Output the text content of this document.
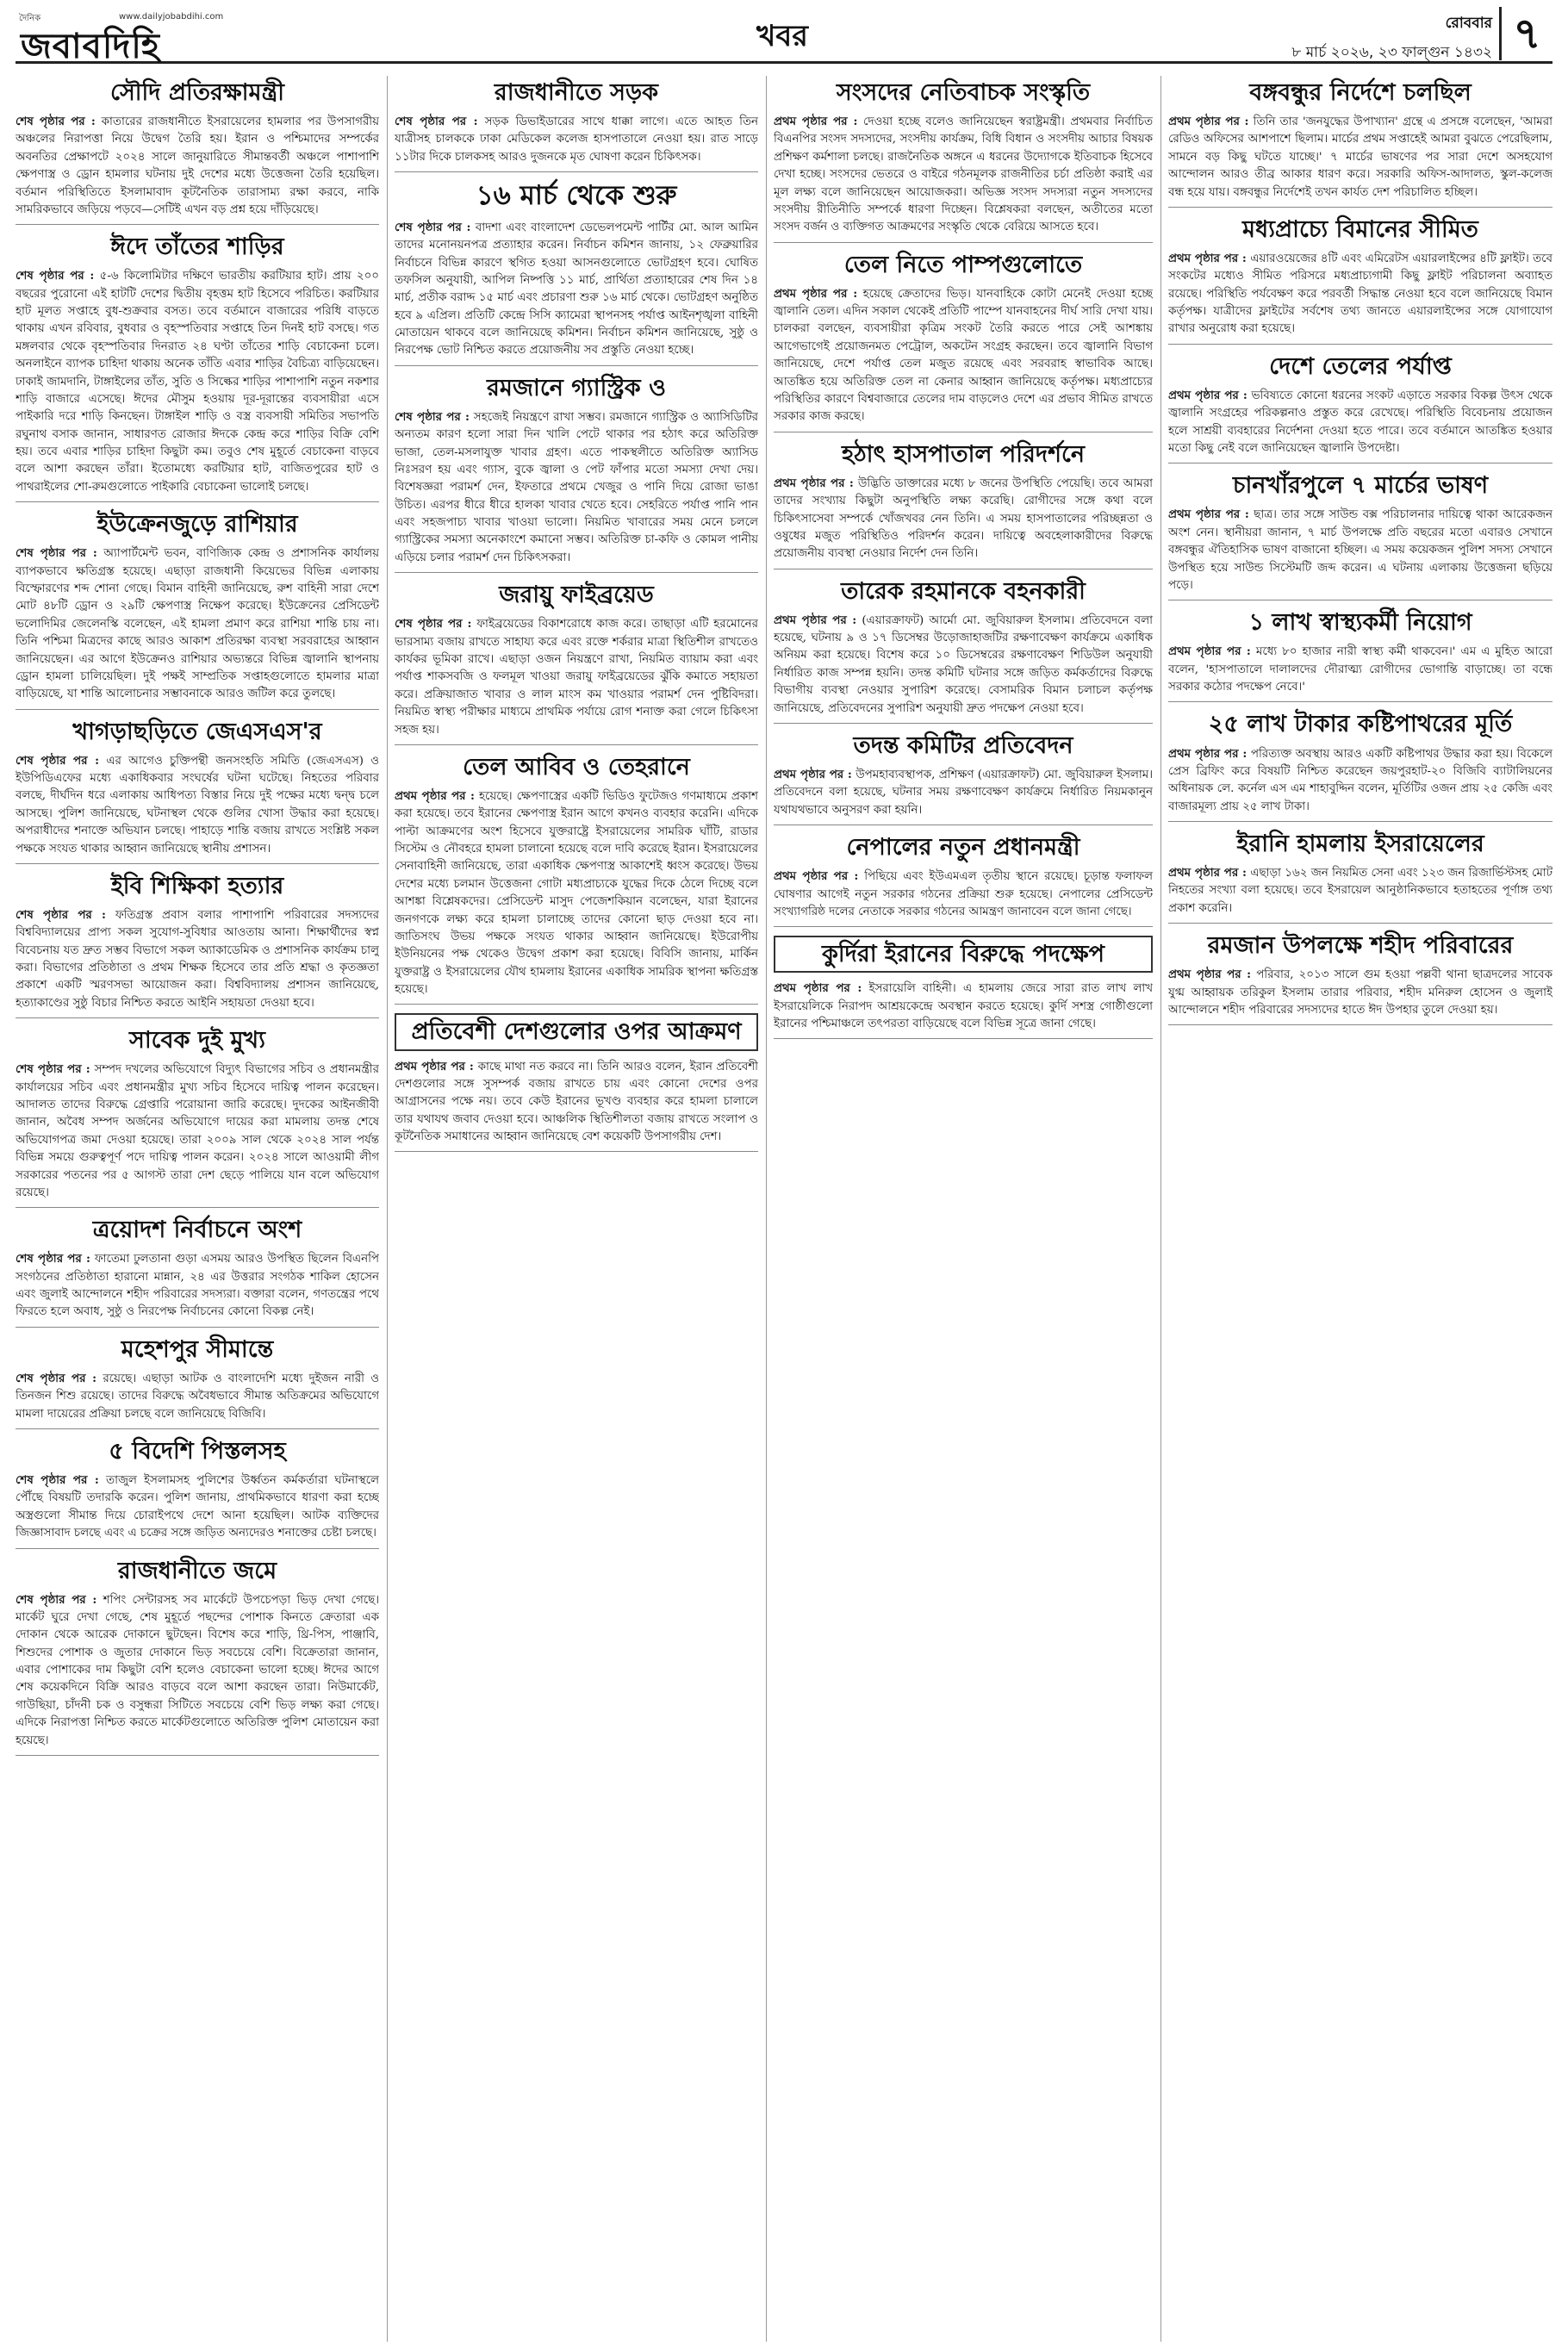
দৈনিক	www.dailyjobabdihi.com
জবাবদিহি	খবর	রোববার
৮ মার্চ ২০২৬, ২৩ ফাল্গুন ১৪৩২ ৭
সৌদি প্রতিরক্ষামন্ত্রী

শেষ পৃষ্ঠার পর : কাতারের রাজধানীতে ইসরায়েলের হামলার পর উপসাগরীয় অঞ্চলের নিরাপত্তা নিয়ে উদ্বেগ তৈরি হয়। ইরান ও পশ্চিমাদের সম্পর্কের অবনতির প্রেক্ষাপটে ২০২৪ সালে জানুয়ারিতে সীমান্তবর্তী অঞ্চলে পাশাপাশি ক্ষেপণাস্ত্র ও ড্রোন হামলার ঘটনায় দুই দেশের মধ্যে উত্তেজনা তৈরি হয়েছিল। বর্তমান পরিস্থিতিতে ইসলামাবাদ কূটনৈতিক তারাসাম্য রক্ষা করবে, নাকি সামরিকভাবে জড়িয়ে পড়বে—সেটিই এখন বড় প্রশ্ন হয়ে দাঁড়িয়েছে।

ঈদে তাঁতের শাড়ির

শেষ পৃষ্ঠার পর : ৫-৬ কিলোমিটার দক্ষিণে ভারতীয় করটিয়ার হাট। প্রায় ২০০ বছরের পুরোনো এই হাটটি দেশের দ্বিতীয় বৃহত্তম হাট হিসেবে পরিচিত। করটিয়ার হাট মূলত সপ্তাহে বুধ-শুক্রবার বসত। তবে বর্তমানে বাজারের পরিধি বাড়তে থাকায় এখন রবিবার, বুধবার ও বৃহস্পতিবার সপ্তাহে তিন দিনই হাট বসছে। গত মঙ্গলবার থেকে বৃহস্পতিবার দিনরাত ২৪ ঘণ্টা তাঁতের শাড়ি বেচাকেনা চলে। অনলাইনে ব্যাপক চাহিদা থাকায় অনেক তাঁতি এবার শাড়ির বৈচিত্র্য বাড়িয়েছেন। ঢাকাই জামদানি, টাঙ্গাইলের তাঁত, সুতি ও সিল্কের শাড়ির পাশাপাশি নতুন নকশার শাড়ি বাজারে এসেছে। ঈদের মৌসুম হওয়ায় দূর-দূরান্তের ব্যবসায়ীরা এসে পাইকারি দরে শাড়ি কিনছেন। টাঙ্গাইল শাড়ি ও বস্ত্র ব্যবসায়ী সমিতির সভাপতি রঘুনাথ বসাক জানান, সাধারণত রোজার ঈদকে কেন্দ্র করে শাড়ির বিক্রি বেশি হয়। তবে এবার শাড়ির চাহিদা কিছুটা কম। তবুও শেষ মুহূর্তে বেচাকেনা বাড়বে বলে আশা করছেন তাঁরা। ইতোমধ্যে করটিয়ার হাট, বাজিতপুরের হাট ও পাথরাইলের শো-রুমগুলোতে পাইকারি বেচাকেনা ভালোই চলছে।

ইউক্রেনজুড়ে রাশিয়ার

শেষ পৃষ্ঠার পর : অ্যাপার্টমেন্ট ভবন, বাণিজ্যিক কেন্দ্র ও প্রশাসনিক কার্যালয় ব্যাপকভাবে ক্ষতিগ্রস্ত হয়েছে। এছাড়া রাজধানী কিয়েভের বিভিন্ন এলাকায় বিস্ফোরণের শব্দ শোনা গেছে। বিমান বাহিনী জানিয়েছে, রুশ বাহিনী সারা দেশে মোট ৪৮টি ড্রোন ও ২৯টি ক্ষেপণাস্ত্র নিক্ষেপ করেছে। ইউক্রেনের প্রেসিডেন্ট ভলোদিমির জেলেনস্কি বলেছেন, এই হামলা প্রমাণ করে রাশিয়া শান্তি চায় না। তিনি পশ্চিমা মিত্রদের কাছে আরও আকাশ প্রতিরক্ষা ব্যবস্থা সরবরাহের আহ্বান জানিয়েছেন। এর আগে ইউক্রেনও রাশিয়ার অভ্যন্তরে বিভিন্ন জ্বালানি স্থাপনায় ড্রোন হামলা চালিয়েছিল। দুই পক্ষই সাম্প্রতিক সপ্তাহগুলোতে হামলার মাত্রা বাড়িয়েছে, যা শান্তি আলোচনার সম্ভাবনাকে আরও জটিল করে তুলছে।

খাগড়াছড়িতে জেএসএস'র

শেষ পৃষ্ঠার পর : এর আগেও চুক্তিপন্থী জনসংহতি সমিতি (জেএসএস) ও ইউপিডিএফের মধ্যে একাধিকবার সংঘর্ষের ঘটনা ঘটেছে। নিহতের পরিবার বলছে, দীর্ঘদিন ধরে এলাকায় আধিপত্য বিস্তার নিয়ে দুই পক্ষের মধ্যে দ্বন্দ্ব চলে আসছে। পুলিশ জানিয়েছে, ঘটনাস্থল থেকে গুলির খোসা উদ্ধার করা হয়েছে। অপরাধীদের শনাক্তে অভিযান চলছে। পাহাড়ে শান্তি বজায় রাখতে সংশ্লিষ্ট সকল পক্ষকে সংযত থাকার আহ্বান জানিয়েছে স্থানীয় প্রশাসন।

ইবি শিক্ষিকা হত্যার

শেষ পৃষ্ঠার পর : ফতিগ্রস্ত প্রবাস বলার পাশাপাশি পরিবারের সদস্যদের বিশ্ববিদ্যালয়ের প্রাপ্য সকল সুযোগ-সুবিধার আওতায় আনা। শিক্ষার্থীদের স্বপ্ন বিবেচনায় যত দ্রুত সম্ভব বিভাগে সকল অ্যাকাডেমিক ও প্রশাসনিক কার্যক্রম চালু করা। বিভাগের প্রতিষ্ঠাতা ও প্রথম শিক্ষক হিসেবে তার প্রতি শ্রদ্ধা ও কৃতজ্ঞতা প্রকাশে একটি স্মরণসভা আয়োজন করা। বিশ্ববিদ্যালয় প্রশাসন জানিয়েছে, হত্যাকাণ্ডের সুষ্ঠু বিচার নিশ্চিত করতে আইনি সহায়তা দেওয়া হবে।

সাবেক দুই মুখ্য

শেষ পৃষ্ঠার পর : সম্পদ দখলের অভিযোগে বিদ্যুৎ বিভাগের সচিব ও প্রধানমন্ত্রীর কার্যালয়ের সচিব এবং প্রধানমন্ত্রীর মুখ্য সচিব হিসেবে দায়িত্ব পালন করেছেন। আদালত তাদের বিরুদ্ধে গ্রেপ্তারি পরোয়ানা জারি করেছে। দুদকের আইনজীবী জানান, অবৈধ সম্পদ অর্জনের অভিযোগে দায়ের করা মামলায় তদন্ত শেষে অভিযোগপত্র জমা দেওয়া হয়েছে। তারা ২০০৯ সাল থেকে ২০২৪ সাল পর্যন্ত বিভিন্ন সময়ে গুরুত্বপূর্ণ পদে দায়িত্ব পালন করেন। ২০২৪ সালে আওয়ামী লীগ সরকারের পতনের পর ৫ আগস্ট তারা দেশ ছেড়ে পালিয়ে যান বলে অভিযোগ রয়েছে।

ত্রয়োদশ নির্বাচনে অংশ

শেষ পৃষ্ঠার পর : ফাতেমা ঢুলতানা গুড়া এসময় আরও উপস্থিত ছিলেন বিএনপি সংগঠনের প্রতিষ্ঠাতা হারানো মান্নান, ২৪ এর উত্তরার সংগঠক শাকিল হোসেন এবং জুলাই আন্দোলনে শহীদ পরিবারের সদস্যরা। বক্তারা বলেন, গণতন্ত্রের পথে ফিরতে হলে অবাধ, সুষ্ঠু ও নিরপেক্ষ নির্বাচনের কোনো বিকল্প নেই।

মহেশপুর সীমান্তে

শেষ পৃষ্ঠার পর : রয়েছে। এছাড়া আটক ও বাংলাদেশি মধ্যে দুইজন নারী ও তিনজন শিশু রয়েছে। তাদের বিরুদ্ধে অবৈধভাবে সীমান্ত অতিক্রমের অভিযোগে মামলা দায়েরের প্রক্রিয়া চলছে বলে জানিয়েছে বিজিবি।

৫ বিদেশি পিস্তলসহ

শেষ পৃষ্ঠার পর : তাজুল ইসলামসহ পুলিশের উর্ধ্বতন কর্মকর্তারা ঘটনাস্থলে পৌঁছে বিষয়টি তদারকি করেন। পুলিশ জানায়, প্রাথমিকভাবে ধারণা করা হচ্ছে অস্ত্রগুলো সীমান্ত দিয়ে চোরাইপথে দেশে আনা হয়েছিল। আটক ব্যক্তিদের জিজ্ঞাসাবাদ চলছে এবং এ চক্রের সঙ্গে জড়িত অন্যদেরও শনাক্তের চেষ্টা চলছে।

রাজধানীতে জমে

শেষ পৃষ্ঠার পর : শপিং সেন্টারসহ সব মার্কেটে উপচেপড়া ভিড় দেখা গেছে। মার্কেট ঘুরে দেখা গেছে, শেষ মুহূর্তে পছন্দের পোশাক কিনতে ক্রেতারা এক দোকান থেকে আরেক দোকানে ছুটছেন। বিশেষ করে শাড়ি, থ্রি-পিস, পাঞ্জাবি, শিশুদের পোশাক ও জুতার দোকানে ভিড় সবচেয়ে বেশি। বিক্রেতারা জানান, এবার পোশাকের দাম কিছুটা বেশি হলেও বেচাকেনা ভালো হচ্ছে। ঈদের আগে শেষ কয়েকদিনে বিক্রি আরও বাড়বে বলে আশা করছেন তারা। নিউমার্কেট, গাউছিয়া, চাঁদনী চক ও বসুন্ধরা সিটিতে সবচেয়ে বেশি ভিড় লক্ষ্য করা গেছে। এদিকে নিরাপত্তা নিশ্চিত করতে মার্কেটগুলোতে অতিরিক্ত পুলিশ মোতায়েন করা হয়েছে।

রাজধানীতে সড়ক

শেষ পৃষ্ঠার পর : সড়ক ডিভাইডারের সাথে ধাক্কা লাগে। এতে আহত তিন যাত্রীসহ চালককে ঢাকা মেডিকেল কলেজ হাসপাতালে নেওয়া হয়। রাত সাড়ে ১১টার দিকে চালকসহ আরও দুজনকে মৃত ঘোষণা করেন চিকিৎসক।

১৬ মার্চ থেকে শুরু

শেষ পৃষ্ঠার পর : বাদশা এবং বাংলাদেশ ডেভেলপমেন্ট পার্টির মো. আল আমিন তাদের মনোনয়নপত্র প্রত্যাহার করেন। নির্বাচন কমিশন জানায়, ১২ ফেব্রুয়ারির নির্বাচনে বিভিন্ন কারণে স্থগিত হওয়া আসনগুলোতে ভোটগ্রহণ হবে। ঘোষিত তফসিল অনুযায়ী, আপিল নিষ্পত্তি ১১ মার্চ, প্রার্থিতা প্রত্যাহারের শেষ দিন ১৪ মার্চ, প্রতীক বরাদ্দ ১৫ মার্চ এবং প্রচারণা শুরু ১৬ মার্চ থেকে। ভোটগ্রহণ অনুষ্ঠিত হবে ৯ এপ্রিল। প্রতিটি কেন্দ্রে সিসি ক্যামেরা স্থাপনসহ পর্যাপ্ত আইনশৃঙ্খলা বাহিনী মোতায়েন থাকবে বলে জানিয়েছে কমিশন। নির্বাচন কমিশন জানিয়েছে, সুষ্ঠু ও নিরপেক্ষ ভোট নিশ্চিত করতে প্রয়োজনীয় সব প্রস্তুতি নেওয়া হচ্ছে।

রমজানে গ্যাস্ট্রিক ও

শেষ পৃষ্ঠার পর : সহজেই নিয়ন্ত্রণে রাখা সম্ভব। রমজানে গ্যাস্ট্রিক ও অ্যাসিডিটির অন্যতম কারণ হলো সারা দিন খালি পেটে থাকার পর হঠাৎ করে অতিরিক্ত ভাজা, তেল-মসলাযুক্ত খাবার গ্রহণ। এতে পাকস্থলীতে অতিরিক্ত অ্যাসিড নিঃসরণ হয় এবং গ্যাস, বুকে জ্বালা ও পেট ফাঁপার মতো সমস্যা দেখা দেয়। বিশেষজ্ঞরা পরামর্শ দেন, ইফতারে প্রথমে খেজুর ও পানি দিয়ে রোজা ভাঙা উচিত। এরপর ধীরে ধীরে হালকা খাবার খেতে হবে। সেহরিতে পর্যাপ্ত পানি পান এবং সহজপাচ্য খাবার খাওয়া ভালো। নিয়মিত খাবারের সময় মেনে চললে গ্যাস্ট্রিকের সমস্যা অনেকাংশে কমানো সম্ভব। অতিরিক্ত চা-কফি ও কোমল পানীয় এড়িয়ে চলার পরামর্শ দেন চিকিৎসকরা।

জরায়ু ফাইব্রয়েড

শেষ পৃষ্ঠার পর : ফাইব্রয়েডের বিকাশরোধে কাজ করে। তাছাড়া এটি হরমোনের ভারসাম্য বজায় রাখতে সাহায্য করে এবং রক্তে শর্করার মাত্রা স্থিতিশীল রাখতেও কার্যকর ভূমিকা রাখে। এছাড়া ওজন নিয়ন্ত্রণে রাখা, নিয়মিত ব্যায়াম করা এবং পর্যাপ্ত শাকসবজি ও ফলমূল খাওয়া জরায়ু ফাইব্রয়েডের ঝুঁকি কমাতে সহায়তা করে। প্রক্রিয়াজাত খাবার ও লাল মাংস কম খাওয়ার পরামর্শ দেন পুষ্টিবিদরা। নিয়মিত স্বাস্থ্য পরীক্ষার মাধ্যমে প্রাথমিক পর্যায়ে রোগ শনাক্ত করা গেলে চিকিৎসা সহজ হয়।

তেল আবিব ও তেহরানে

প্রথম পৃষ্ঠার পর : হয়েছে। ক্ষেপণাস্ত্রের একটি ভিডিও ফুটেজও গণমাধ্যমে প্রকাশ করা হয়েছে। তবে ইরানের ক্ষেপণাস্ত্র ইরান আগে কখনও ব্যবহার করেনি। এদিকে পাল্টা আক্রমণের অংশ হিসেবে যুক্তরাষ্ট্রে ইসরায়েলের সামরিক ঘাঁটি, রাডার সিস্টেম ও নৌবহরে হামলা চালানো হয়েছে বলে দাবি করেছে ইরান। ইসরায়েলের সেনাবাহিনী জানিয়েছে, তারা একাধিক ক্ষেপণাস্ত্র আকাশেই ধ্বংস করেছে। উভয় দেশের মধ্যে চলমান উত্তেজনা গোটা মধ্যপ্রাচ্যকে যুদ্ধের দিকে ঠেলে দিচ্ছে বলে আশঙ্কা বিশ্লেষকদের। প্রেসিডেন্ট মাসুদ পেজেশকিয়ান বলেছেন, যারা ইরানের জনগণকে লক্ষ্য করে হামলা চালাচ্ছে তাদের কোনো ছাড় দেওয়া হবে না। জাতিসংঘ উভয় পক্ষকে সংযত থাকার আহ্বান জানিয়েছে। ইউরোপীয় ইউনিয়নের পক্ষ থেকেও উদ্বেগ প্রকাশ করা হয়েছে। বিবিসি জানায়, মার্কিন যুক্তরাষ্ট্র ও ইসরায়েলের যৌথ হামলায় ইরানের একাধিক সামরিক স্থাপনা ক্ষতিগ্রস্ত হয়েছে।

প্রতিবেশী দেশগুলোর ওপর আক্রমণ

প্রথম পৃষ্ঠার পর : কাছে মাথা নত করবে না। তিনি আরও বলেন, ইরান প্রতিবেশী দেশগুলোর সঙ্গে সুসম্পর্ক বজায় রাখতে চায় এবং কোনো দেশের ওপর আগ্রাসনের পক্ষে নয়। তবে কেউ ইরানের ভূখণ্ড ব্যবহার করে হামলা চালালে তার যথাযথ জবাব দেওয়া হবে। আঞ্চলিক স্থিতিশীলতা বজায় রাখতে সংলাপ ও কূটনৈতিক সমাধানের আহ্বান জানিয়েছে বেশ কয়েকটি উপসাগরীয় দেশ।

সংসদের নেতিবাচক সংস্কৃতি

প্রথম পৃষ্ঠার পর : দেওয়া হচ্ছে বলেও জানিয়েছেন স্বরাষ্ট্রমন্ত্রী। প্রথমবার নির্বাচিত বিএনপির সংসদ সদস্যদের, সংসদীয় কার্যক্রম, বিধি বিধান ও সংসদীয় আচার বিষয়ক প্রশিক্ষণ কর্মশালা চলছে। রাজনৈতিক অঙ্গনে এ ধরনের উদ্যোগকে ইতিবাচক হিসেবে দেখা হচ্ছে। সংসদের ভেতরে ও বাইরে গঠনমূলক রাজনীতির চর্চা প্রতিষ্ঠা করাই এর মূল লক্ষ্য বলে জানিয়েছেন আয়োজকরা। অভিজ্ঞ সংসদ সদস্যরা নতুন সদস্যদের সংসদীয় রীতিনীতি সম্পর্কে ধারণা দিচ্ছেন। বিশ্লেষকরা বলছেন, অতীতের মতো সংসদ বর্জন ও ব্যক্তিগত আক্রমণের সংস্কৃতি থেকে বেরিয়ে আসতে হবে।

তেল নিতে পাম্পগুলোতে

প্রথম পৃষ্ঠার পর : হয়েছে ক্রেতাদের ভিড়। যানবাহিকে কোটা মেনেই দেওয়া হচ্ছে জ্বালানি তেল। এদিন সকাল থেকেই প্রতিটি পাম্পে যানবাহনের দীর্ঘ সারি দেখা যায়। চালকরা বলছেন, ব্যবসায়ীরা কৃত্রিম সংকট তৈরি করতে পারে সেই আশঙ্কায় আগেভাগেই প্রয়োজনমত পেট্রোল, অকটেন সংগ্রহ করছেন। তবে জ্বালানি বিভাগ জানিয়েছে, দেশে পর্যাপ্ত তেল মজুত রয়েছে এবং সরবরাহ স্বাভাবিক আছে। আতঙ্কিত হয়ে অতিরিক্ত তেল না কেনার আহ্বান জানিয়েছে কর্তৃপক্ষ। মধ্যপ্রাচ্যের পরিস্থিতির কারণে বিশ্ববাজারে তেলের দাম বাড়লেও দেশে এর প্রভাব সীমিত রাখতে সরকার কাজ করছে।

হঠাৎ হাসপাতাল পরিদর্শনে

প্রথম পৃষ্ঠার পর : উদ্ভিতি ডাক্তারের মধ্যে ৮ জনের উপস্থিতি পেয়েছি। তবে আমরা তাদের সংখ্যায় কিছুটা অনুপস্থিতি লক্ষ্য করেছি। রোগীদের সঙ্গে কথা বলে চিকিৎসাসেবা সম্পর্কে খোঁজখবর নেন তিনি। এ সময় হাসপাতালের পরিচ্ছন্নতা ও ওষুধের মজুত পরিস্থিতিও পরিদর্শন করেন। দায়িত্বে অবহেলাকারীদের বিরুদ্ধে প্রয়োজনীয় ব্যবস্থা নেওয়ার নির্দেশ দেন তিনি।

তারেক রহমানকে বহনকারী

প্রথম পৃষ্ঠার পর : (এয়ারক্রাফট) আর্মো মো. জুবিয়ারুল ইসলাম। প্রতিবেদনে বলা হয়েছে, ঘটনায় ৯ ও ১৭ ডিসেম্বর উড়োজাহাজটির রক্ষণাবেক্ষণ কার্যক্রমে একাধিক অনিয়ম করা হয়েছে। বিশেষ করে ১০ ডিসেম্বরের রক্ষণাবেক্ষণ শিডিউল অনুযায়ী নির্ধারিত কাজ সম্পন্ন হয়নি। তদন্ত কমিটি ঘটনার সঙ্গে জড়িত কর্মকর্তাদের বিরুদ্ধে বিভাগীয় ব্যবস্থা নেওয়ার সুপারিশ করেছে। বেসামরিক বিমান চলাচল কর্তৃপক্ষ জানিয়েছে, প্রতিবেদনের সুপারিশ অনুযায়ী দ্রুত পদক্ষেপ নেওয়া হবে।

তদন্ত কমিটির প্রতিবেদন

প্রথম পৃষ্ঠার পর : উপমহাব্যবস্থাপক, প্রশিক্ষণ (এয়ারক্রাফট) মো. জুবিয়ারুল ইসলাম। প্রতিবেদনে বলা হয়েছে, ঘটনার সময় রক্ষণাবেক্ষণ কার্যক্রমে নির্ধারিত নিয়মকানুন যথাযথভাবে অনুসরণ করা হয়নি।

নেপালের নতুন প্রধানমন্ত্রী

প্রথম পৃষ্ঠার পর : পিছিয়ে এবং ইউএমএল তৃতীয় স্থানে রয়েছে। চূড়ান্ত ফলাফল ঘোষণার আগেই নতুন সরকার গঠনের প্রক্রিয়া শুরু হয়েছে। নেপালের প্রেসিডেন্ট সংখ্যাগরিষ্ঠ দলের নেতাকে সরকার গঠনের আমন্ত্রণ জানাবেন বলে জানা গেছে।

কুর্দিরা ইরানের বিরুদ্ধে পদক্ষেপ

প্রথম পৃষ্ঠার পর : ইসরায়েলি বাহিনী। এ হামলায় জেরে সারা রাত লাখ লাখ ইসরায়েলিকে নিরাপদ আশ্রয়কেন্দ্রে অবস্থান করতে হয়েছে। কুর্দি সশস্ত্র গোষ্ঠীগুলো ইরানের পশ্চিমাঞ্চলে তৎপরতা বাড়িয়েছে বলে বিভিন্ন সূত্রে জানা গেছে।

বঙ্গবন্ধুর নির্দেশে চলছিল

প্রথম পৃষ্ঠার পর : তিনি তার 'জনযুদ্ধের উপাখ্যান' গ্রন্থে এ প্রসঙ্গে বলেছেন, 'আমরা রেডিও অফিসের আশপাশে ছিলাম। মার্চের প্রথম সপ্তাহেই আমরা বুঝতে পেরেছিলাম, সামনে বড় কিছু ঘটতে যাচ্ছে।' ৭ মার্চের ভাষণের পর সারা দেশে অসহযোগ আন্দোলন আরও তীব্র আকার ধারণ করে। সরকারি অফিস-আদালত, স্কুল-কলেজ বন্ধ হয়ে যায়। বঙ্গবন্ধুর নির্দেশেই তখন কার্যত দেশ পরিচালিত হচ্ছিল।

মধ্যপ্রাচ্যে বিমানের সীমিত

প্রথম পৃষ্ঠার পর : এয়ারওয়েজের ৪টি এবং এমিরেটস এয়ারলাইন্সের ৪টি ফ্লাইট। তবে সংকটের মধ্যেও সীমিত পরিসরে মধ্যপ্রাচ্যগামী কিছু ফ্লাইট পরিচালনা অব্যাহত রয়েছে। পরিস্থিতি পর্যবেক্ষণ করে পরবর্তী সিদ্ধান্ত নেওয়া হবে বলে জানিয়েছে বিমান কর্তৃপক্ষ। যাত্রীদের ফ্লাইটের সর্বশেষ তথ্য জানতে এয়ারলাইন্সের সঙ্গে যোগাযোগ রাখার অনুরোধ করা হয়েছে।

দেশে তেলের পর্যাপ্ত

প্রথম পৃষ্ঠার পর : ভবিষ্যতে কোনো ধরনের সংকট এড়াতে সরকার বিকল্প উৎস থেকে জ্বালানি সংগ্রহের পরিকল্পনাও প্রস্তুত করে রেখেছে। পরিস্থিতি বিবেচনায় প্রয়োজন হলে সাশ্রয়ী ব্যবহারের নির্দেশনা দেওয়া হতে পারে। তবে বর্তমানে আতঙ্কিত হওয়ার মতো কিছু নেই বলে জানিয়েছেন জ্বালানি উপদেষ্টা।

চানখাঁরপুলে ৭ মার্চের ভাষণ

প্রথম পৃষ্ঠার পর : ছাত্র। তার সঙ্গে সাউন্ড বক্স পরিচালনার দায়িত্বে থাকা আরেকজন অংশ নেন। স্থানীয়রা জানান, ৭ মার্চ উপলক্ষে প্রতি বছরের মতো এবারও সেখানে বঙ্গবন্ধুর ঐতিহাসিক ভাষণ বাজানো হচ্ছিল। এ সময় কয়েকজন পুলিশ সদস্য সেখানে উপস্থিত হয়ে সাউন্ড সিস্টেমটি জব্দ করেন। এ ঘটনায় এলাকায় উত্তেজনা ছড়িয়ে পড়ে।

১ লাখ স্বাস্থ্যকর্মী নিয়োগ

প্রথম পৃষ্ঠার পর : মধ্যে ৮০ হাজার নারী স্বাস্থ্য কর্মী থাকবেন।' এম এ মুহিত আরো বলেন, 'হাসপাতালে দালালদের দৌরাত্ম্য রোগীদের ভোগান্তি বাড়াচ্ছে। তা বন্ধে সরকার কঠোর পদক্ষেপ নেবে।'

২৫ লাখ টাকার কষ্টিপাথরের মূর্তি

প্রথম পৃষ্ঠার পর : পরিত্যক্ত অবস্থায় আরও একটি কষ্টিপাথর উদ্ধার করা হয়। বিকেলে প্রেস ব্রিফিং করে বিষয়টি নিশ্চিত করেছেন জয়পুরহাট-২০ বিজিবি ব্যাটালিয়নের অধিনায়ক লে. কর্নেল এস এম শাহাবুদ্দিন বলেন, মূর্তিটির ওজন প্রায় ২৫ কেজি এবং বাজারমূল্য প্রায় ২৫ লাখ টাকা।

ইরানি হামলায় ইসরায়েলের

প্রথম পৃষ্ঠার পর : এছাড়া ১৬২ জন নিয়মিত সেনা এবং ১২৩ জন রিজার্ভিস্টসহ মোট নিহতের সংখ্যা বলা হয়েছে। তবে ইসরায়েল আনুষ্ঠানিকভাবে হতাহতের পূর্ণাঙ্গ তথ্য প্রকাশ করেনি।

রমজান উপলক্ষে শহীদ পরিবারের

প্রথম পৃষ্ঠার পর : পরিবার, ২০১৩ সালে গুম হওয়া পল্লবী থানা ছাত্রদলের সাবেক যুগ্ম আহ্বায়ক তরিকুল ইসলাম তারার পরিবার, শহীদ মনিরুল হোসেন ও জুলাই আন্দোলনে শহীদ পরিবারের সদস্যদের হাতে ঈদ উপহার তুলে দেওয়া হয়।
